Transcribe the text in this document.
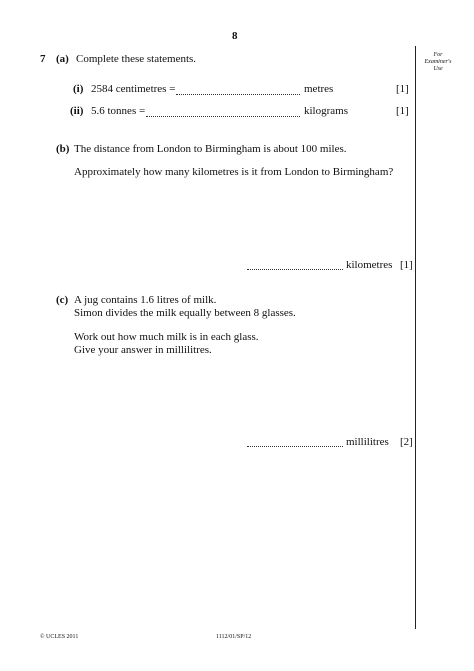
8
For
Examiner's
Use
7 (a) Complete these statements.
(i) 2584 centimetres =	metres	[1]
(ii) 5.6 tonnes =	kilograms	[1]
(b) The distance from London to Birmingham is about 100 miles.
Approximately how many kilometres is it from London to Birmingham?
kilometres [1]
(c) A jug contains 1.6 litres of milk.
Simon divides the milk equally between 8 glasses.
Work out how much milk is in each glass.
Give your answer in millilitres.
millilitres [2]
© UCLES 2011	1112/01/SP/12
